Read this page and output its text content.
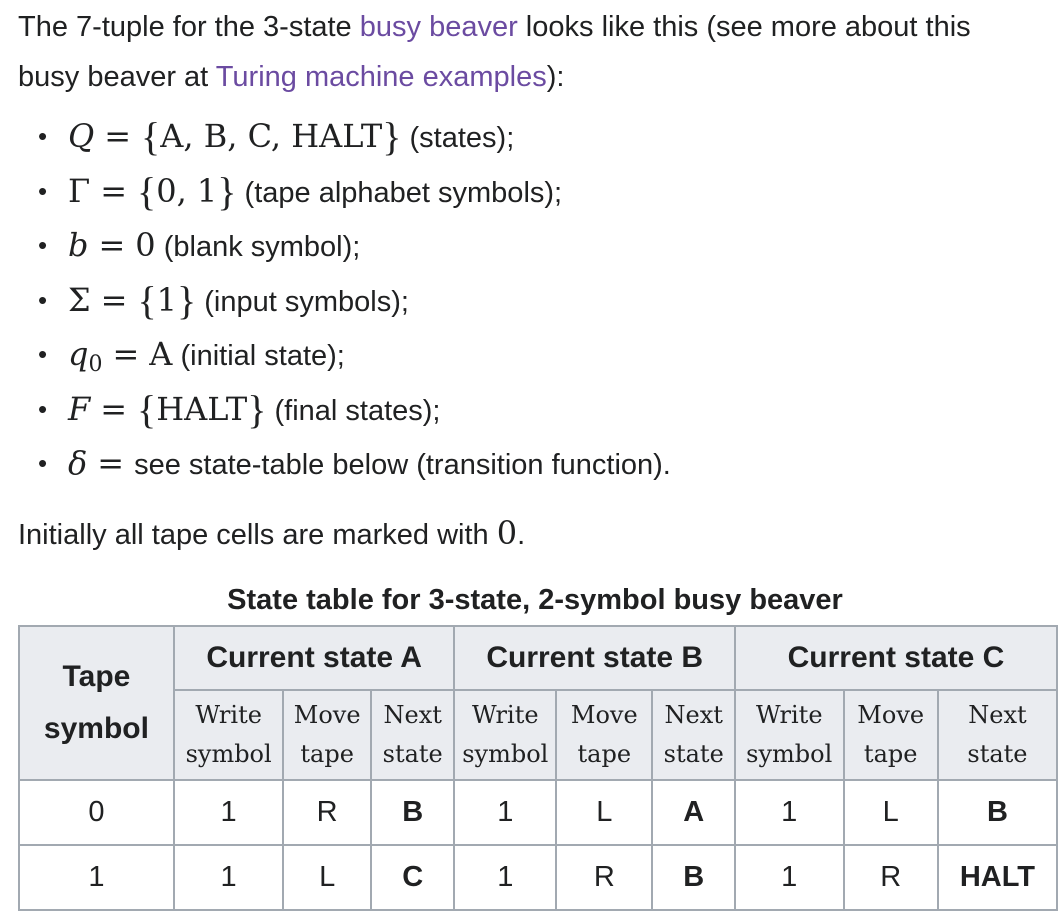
The 7-tuple for the 3-state busy beaver looks like this (see more about this busy beaver at Turing machine examples):

• Q = {A, B, C, HALT} (states);
• Γ = {0, 1} (tape alphabet symbols);
• b = 0 (blank symbol);
• Σ = {1} (input symbols);
• $q_0 = A$ (initial state);
• F = {HALT} (final states);
• δ = see state-table below (transition function).

Initially all tape cells are marked with 0.

State table for 3-state, 2-symbol busy beaver
Tape
symbol	Current state A			Current state B			Current state C		
	Write
symbol	Move
tape	Next
state	Write
symbol	Move
tape	Next
state	Write
symbol	Move
tape	Next
state
0	1	R	B	1	L	A	1	L	B
1	1	L	C	1	R	B	1	R	HALT
